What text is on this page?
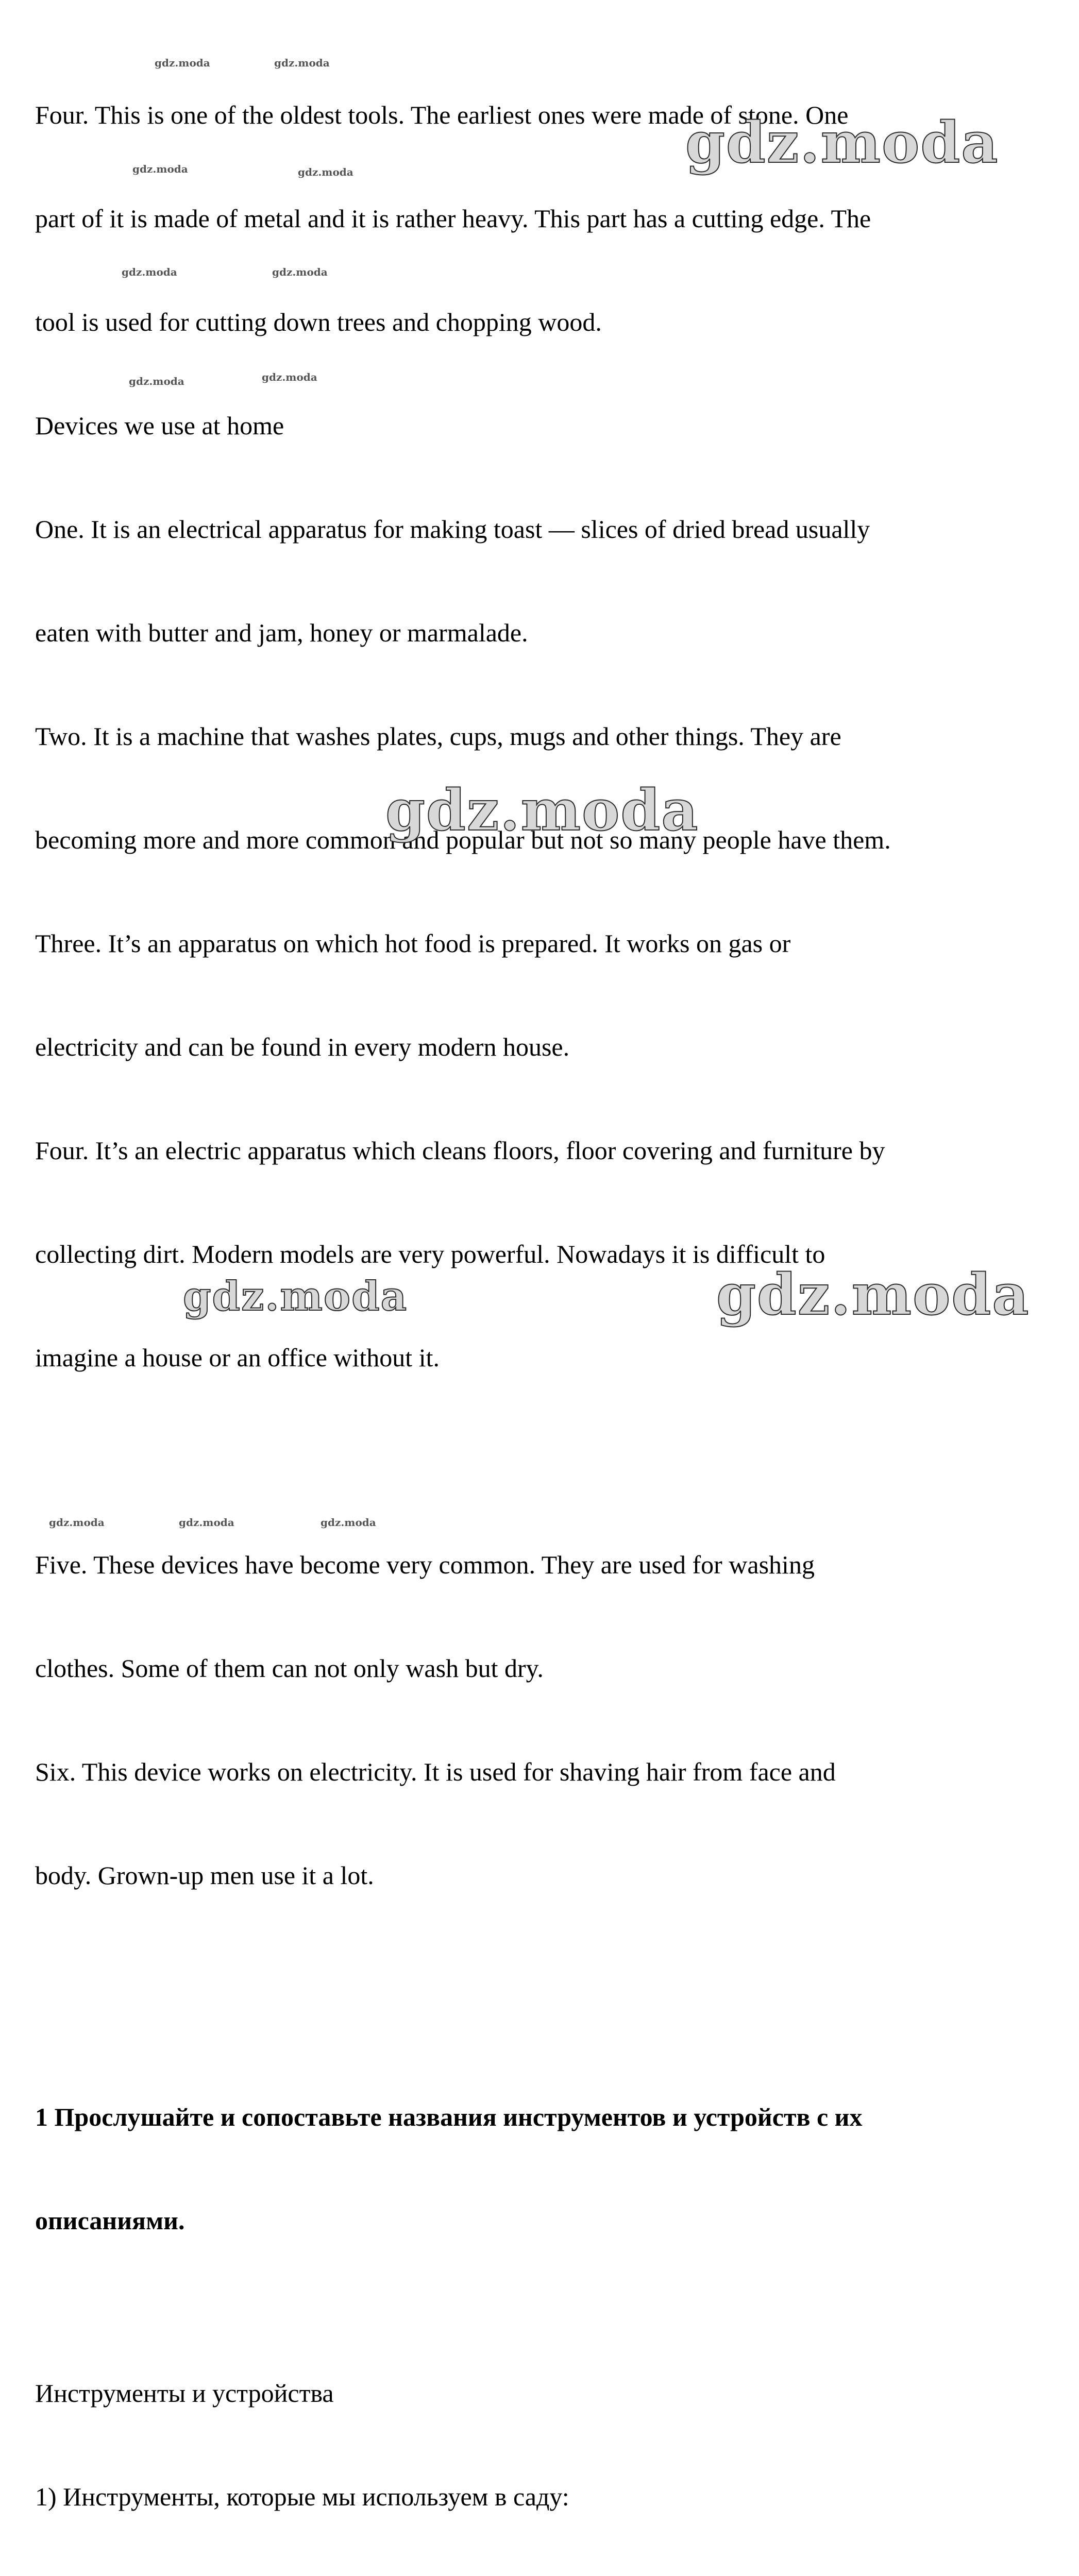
Four. This is one of the oldest tools. The earliest ones were made of stone. One

part of it is made of metal and it is rather heavy. This part has a cutting edge. The

tool is used for cutting down trees and chopping wood.

Devices we use at home

One. It is an electrical apparatus for making toast — slices of dried bread usually

eaten with butter and jam, honey or marmalade.

Two. It is a machine that washes plates, cups, mugs and other things. They are

becoming more and more common and popular but not so many people have them.

Three. It’s an apparatus on which hot food is prepared. It works on gas or

electricity and can be found in every modern house.

Four. It’s an electric apparatus which cleans floors, floor covering and furniture by

collecting dirt. Modern models are very powerful. Nowadays it is difficult to

imagine a house or an office without it.

Five. These devices have become very common. They are used for washing

clothes. Some of them can not only wash but dry.

Six. This device works on electricity. It is used for shaving hair from face and

body. Grown-up men use it a lot.

1 Прослушайте и сопоставьте названия инструментов и устройств с их

описаниями.

Инструменты и устройства

1) Инструменты, которые мы используем в саду:

gdz.moda
gdz.moda
gdz.moda	gdz.moda
gdz.moda	gdz.moda
gdz.moda	gdz.moda
gdz.moda	gdz.moda
gdz.moda	gdz.moda
gdz.moda	gdz.moda	gdz.moda
